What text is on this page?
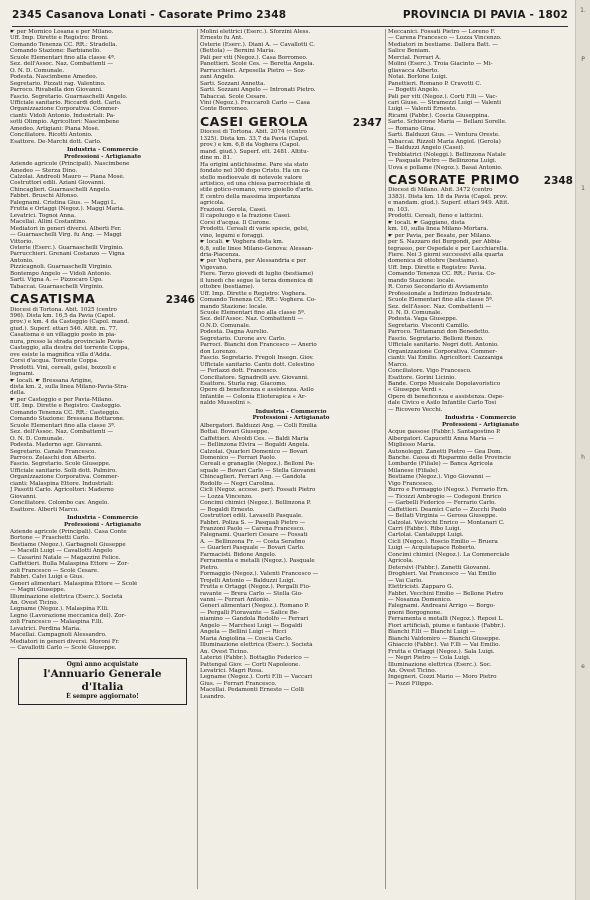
2345 Casanova Lonati - Casorate Primo 2348	PROVINCIA DI PAVIA - 1802
☛ per Mornico Losana e per Milano.
Uff. Imp. Dirette e Registro: Broni.
Comando Tenenza CC. RR.: Stradella.
Comando Stazione: Barbianello.
Scuole Elementari fino alla classe 4ª.
Sez. dell'Assoc. Naz. Combattenti —
O. N. D. Comunale.
Podestà. Nascimbene Amedeo.
Segretario. Pizzati rag. Valentino.
Parroco. Rivabella don Giovanni.
Fascio. Segretario. Guarnaschelli Angelo.
Ufficiale sanitario. Riccardi dott. Carlo.
Organizzazione Corporativa. Commer-
cianti: Vidoli Antonio. Industriali: Pa-
sotti Olimpio. Agricoltori: Nascimbene
Amedeo. Artigiani: Piana Mosè.
Conciliatore. Ricotti Antonio.
Esattore. De-Marchi dott. Carlo.
Industria - Commercio
Professioni - Artigianato
Aziende agricole (Principali). Nascimbene
Amedeo — Sterza Dino.
Calzolai. Andreoli Mauro — Piana Mosè.
Costruttori edili. Aziani Giovanni.
Chincaglieri. Guarnaschelli Angelo.
Fabbri. Bruschi Alfonso.
Falegnami. Cristina Gius. — Maggi L.
Frutta e Ortaggi (Negoz.). Maggi Maria.
Levatrici. Tognoi Anna.
Macellai. Allini Costantino.
Mediatori in generi diversi. Alberti Fer.
— Guarnaschelli Virg. fu Ang. — Maggi
Vittorio.
Osterie (Eserc.). Guarnaschelli Virginio.
Parrucchieri. Grenani Costanzo — Vigna
Antonio.
Pizzicagnoli. Guarnaschelli Virginio.
Bontempo Angelo — Vidoli Antonio.
Sarti. Vigna A. — Pizzocaro Ugo.
Tabaccai. Guarnaschelli Virginio.
CASATISMA	2346
Diocesi di Tortona. Abit. 1025 (centro
596). Dista km. 16,5 da Pavia (Capol.
prov.) e km. 4 da Casteggio (Capol. mand.
giud.). Superf. ettari 546. Altit. m. 77.
Casatisma è un villaggio posto in pia-
nura, presso la strada provinciale Pavia-
Casteggio, alla destra del torrente Coppa,
ove esiste la magnifica villa d'Adda.
Corsi d'acqua. Torrente Coppa.
Prodotti. Vini, cereali, gelsi, bozzoli e
legnami.
☛ locali. ☛ Bressana Arigine,
dista km. 2, sulla linea Milano-Pavia-Stra-
della.
☛ per Casteggio e per Pavia-Milano.
Uff. Imp. Dirette e Registro: Casteggio.
Comando Tenenza CC. RR.: Casteggio.
Comando Stazione: Bressana Bottarone.
Scuole Elementari fino alla classe 3ª.
Sez. dell'Assoc. Naz. Combattenti —
O. N. D. Comunale.
Podestà. Maderno agr. Giovanni.
Segretario. Canale Francesco.
Parroco. Zelaschi don Alberto.
Fascio. Segretario. Scolè Giuseppe.
Ufficiale sanitario. Solli dott. Palmiro.
Organizzazione Corporativa. Commer-
cianti: Malaspina Ettore. Industriali:
J Pasotti Carlo. Agricoltori: Maderno
Giovanni.
Conciliatore. Colombo cav. Angelo.
Esattore. Alberti Marco.
Industria - Commercio
Professioni - Artigianato
Aziende agricole (Principali). Casa Conte
Bortone — Fraschetti Carlo.
Bestiame (Negoz.). Garbagnoli Giuseppe
— Macelli Luigi — Cavallotti Angelo
— Casarini Natale — Magazzini Felice.
Caffettieri. Bulla Malaspina Ettore — Zor-
zoli Francesco — Scolè Cesare.
Fabbri. Calvi Luigi e Gius.
Generi alimentari. Malaspina Ettore — Scolè
— Magni Giuseppe.
Illuminazione elettrica (Eserc.). Società
An. Ovest Ticino.
Legname (Negoz.). Malaspina F.lli.
Legno (Lavorazione meccanica del). Zor-
zoli Francesco — Malaspina F.lli.
Levatrici. Perdina Maria.
Macellai. Campagnoli Alessandro.
Mediatori in generi diversi. Moroni Fr.
— Cavallotti Carlo — Scolè Giuseppe.
Ogni anno acquistate
l'Annuario Generale d'Italia
È sempre aggiornato!
Molini elettrici (Eserc.). Sforzini Aless.
Ernesto fu Ant.
Osterie (Eserc.). Diani A. — Cavallotti C.
(Bettola) — Bernini Maria.
Pali per viti (Negoz.). Casa Borromeo.
Panettieri. Scolè Ces. — Beretta Angela.
Parrucchieri. Arpesella Pietro — Soz-
zani Angelo.
Sarti. Sozzani Annetta.
Sarti. Sozzani Angelo — Intronati Pietro.
Tabaccai. Scolè Cesare.
Vini (Negoz.). Fraccaroli Carlo — Casa
Conte Borromeo.
CASEI GEROLA	2347
Diocesi di Tortona. Abit. 2074 (centro
1325). Dista km. 33,7 da Pavia (Capol.
prov.) e km. 6,8 da Voghera (Capol.
mand. giud.). Superf. ett. 2481. Altitu-
dine m. 81.
Ha origini antichissime. Pare sia stato
fondato nel 300 dopo Cristo. Ha un ca-
stello medioevale di notevole valore
artistico, ed una chiesa parrocchiale di
stile gotico-romano, vero gioiello d'arte.
È centro della massima importanza
agricola.
Frazioni. Gerola, Casei.
Il capoluogo e la frazione Casei.
Corsi d'acqua. Il Curone.
Prodotti. Cereali di varie specie, gelsi,
vino, legumi e foraggi.
☛ locali. ☛ Voghera dista km.
6,8, sulle linee Milano-Genova: Alessan-
dria-Piacenza.
☛ per Voghera, per Alessandria e per
Vigevano.
Fiere. Terzo giovedì di luglio (bestiame)
il lunedì che segue la terza domenica di
ottobre (bestiame).
Uff. Imp. Dirette e Registro: Voghera.
Comando Tenenza CC. RR.: Voghera. Co-
mando Stazione: locale.
Scuole Elementari fino alla classe 5ª.
Sez. dell'Assoc. Naz. Combattenti —
O.N.D. Comunale.
Podestà. Dagna Aurelio.
Segretario. Curone avv. Carlo.
Parroci. Bianchi don Francesco — Anerio
don Lorenzo.
Fascio. Segretario. Fregoli Insegn. Giov.
Ufficiale sanitario. Cantù dott. Celestino
— Ferlazzi dott. Francesco.
Conciliatore. Sgnadrelli avv. Giovanni.
Esattore. Sturla rag. Giacomo.
Opere di beneficenza e assistenza. Asilo
Infantile — Colonia Elioterapica « Ar-
naldo Mussolini ».
Industria - Commercio
Professioni - Artigianato
Albergatori. Balduzzi Ang. — Colli Emilia
Bottai. Bovari Giuseppe.
Caffettieri. Alvoldi Ces. — Baldi Maria
— Bellinzona Elvira — Bogaldi Angela.
Calzolai. Quarleri Domenico — Bovari
Domenico — Ferrari Paolo.
Cereali e granaglie (Negoz.). Belloni Pa-
squale — Bovari Carlo — Stella Giovanni
Chincaglieri. Ferrari Ang. — Gandola
Rodolfo — Negri Carolina.
Cicli (Negoz. accese. per). Fossati Pietro
— Lozza Vincenzo.
Concimi chimici (Negoz.). Bellinzona P.
— Bogaldi Ernesto.
Costruttori edili. Lavaselli Pasquale.
Fabbri. Poliza S. — Pasquali Pietro —
Franzoni Paolo — Carena Francesco.
Falegnami. Quarleri Cesare — Fossati
A. — Bellinzona Fr. — Costa Serafino
— Guarleri Pasquale — Bovari Carlo.
Farmacisti. Bidone Angelo.
Ferramenta e metalli (Negoz.). Pasquale
Pietro.
Formaggio (Negoz.). Valenti Francesco —
Trojelli Antonio — Balduzzi Luigi.
Frutta e Ortaggi (Negoz.). Pergalli Fio-
ravante — Brera Carlo — Stella Gio-
vanni — Ferrari Antonio.
Generi alimentari (Negoz.). Romano P.
— Pergalli Fioravante — Salice Be-
niamino — Gandola Rodolfo — Ferrari
Angelo — Marchesi Luigi — Bogaldi
Angela — Bellini Luigi — Ricci
Maria Angiolina — Coscia Carlo.
Illuminazione elettrica (Eserc.). Società
An. Ovest Ticino.
Laterizi (Fabbr.). Bottaglio Federico —
Pattengal Giov. — Corti Napoleone.
Levatrici. Magri Rosa.
Legname (Negoz.). Corti F.lli — Vaccari
Gius. — Ferrari Francesco.
Macellai. Pedamonti Ernesto — Colli
Leandro.
Meccanici. Fossati Pietro — Loreno F.
— Carena Francesco — Lozza Vincenzo.
Mediatori in bestiame. Dallera Batt. —
Salice Beniam.
Mercial. Ferrari A.
Molini (Eserc.). Troia Giacinto — Mi-
gliavacca Alberto.
Notai. Borlone Luigi.
Panettieri. Romano P. Cravotti C.
— Bogetti Angelo.
Pali per viti (Negoz.). Corti F.lli — Vac-
cari Giuse. — Stramezzi Luigi — Valenti
Luigi — Valenti Ernesto.
Ricami (Fabbr.). Coscia Giuseppina.
Sarte. Schierone Maria — Bellani Sorelle.
— Romano Gina.
Sarti. Balduzzi Gius. — Ventura Oreste.
Tabaccai. Rizzoli Maria Angiol. (Gerola)
— Balduzzi Angelo (Casei).
Trebbiatrici (Noleggi.). Bellinzona Natale
— Pasquale Pietro — Bellinzona Luigi.
Uova e pollame (Negoz.). Basai Antonio.
CASORATE PRIMO 2348
Diocesi di Milano. Abit. 3472 (centro
3383). Dista km. 18 da Pavia (Capol. prov.
e mandam. giud.). Superf. ettari 949. Altit.
m. 103.
Prodotti. Cereali, fieno e latticini.
☛ locali. ☛ Gaggiano, dista
km. 10, sulla linea Milano-Mortara.
☛ per Pavia, per Besate, per Milano.
per S. Nazzaro dei Burgondi, per Abbia-
tegrasso, per Ospedale e per Lacchiarella.
Fiere. Nei 3 giorni successivi alla quarta
domenica di ottobre (bestiame).
Uff. Imp. Dirette e Registro: Pavia.
Comando Tenenza CC. RR.: Pavia. Co-
mando Stazione: locale.
R. Corso Secondario di Avviamento
Professionale a Indirizzo Industriale.
Scuole Elementari fino alla classe 5ª.
Sez. dell'Assoc. Naz. Combattenti —
O. N. D. Comunale.
Podestà. Vaga Giuseppe.
Segretario. Visconti Camillo.
Parroco. Tettamanzi don Benedetto.
Fascio. Segretario. Belloni Renzo.
Ufficiale sanitario. Negri dott. Antonio.
Organizzazione Corporativa. Commer-
cianti: Vai Emilio. Agricoltori: Cazzaniga
Marco.
Conciliatore. Vigo Francesco.
Esattore. Gorini Licinio.
Bande. Corpo Musicale Dopolavoristico
« Giuseppe Verdi ».
Opere di beneficenza e assistenza. Ospe-
dale Civico e Asilo Infantile Carlo Tosi
— Ricovero Vecchi.
Industria - Commercio
Professioni - Artigianato
Acque gassose (Fabbr.). Santagostino P.
Albergatori. Capucetti Anna Maria —
Migliesso Maria.
Autonoleggi. Zanetti Pietro — Gea Dom.
Banche. Cassa di Risparmio delle Provincie
Lombarde (Filiale) — Banca Agricola
Milanese (Filiale).
Bestiame (Negoz.). Vigo Giovanni —
Vigo Francesco.
Burro e Formaggio (Negoz.). Ferrario Ern.
— Ticozzi Ambrogio — Codegoni Enrico
— Garbelli Federico — Ferrario Carlo.
Caffettieri. Deamici Carlo — Zucchi Paolo
— Bellati Virginia — Gerosa Giuseppe.
Calzolai. Vavicchi Enrico — Montanari C.
Carri (Fabbr.). Ribo Luigi.
Cartolai. Cantaluppi Luigi.
Cicli (Negoz.). Roscio Emilio — Bruera
Luigi — Acquistapace Roberto.
Concimi chimici (Negoz.). La Commerciale
Agricola.
Detersivi (Fabbr.). Zanetti Giovanni.
Droghieri. Vai Francesco — Vai Emilio
— Vai Carlo.
Elettricisti. Zapparo G.
Fabbri. Vecchini Emilio — Bellone Pietro
— Nosanza Domenico.
Falegnami. Andreani Arrigo — Borgo-
gnoni Borgognone.
Ferramenta e metalli (Negoz.). Reposi L.
Fiori artificiali, piume e fantasie (Fabbr.).
Bianchi F.lli — Bianchi Luigi —
Bianchi Valdomiro — Bianchi Giuseppe.
Ghiaccio (Fabbr.). Vai F.lli — Vai Emilio.
Frutta e Ortaggi (Negoz.). Sala Luigi.
— Negri Pietro — Cola Luigi.
Illuminazione elettrica (Eserc.). Soc.
An. Ovest Ticino.
Ingegneri. Cozzi Mario — Moro Pietro
— Pozzi Filippo.
1.
P
1
h
e
